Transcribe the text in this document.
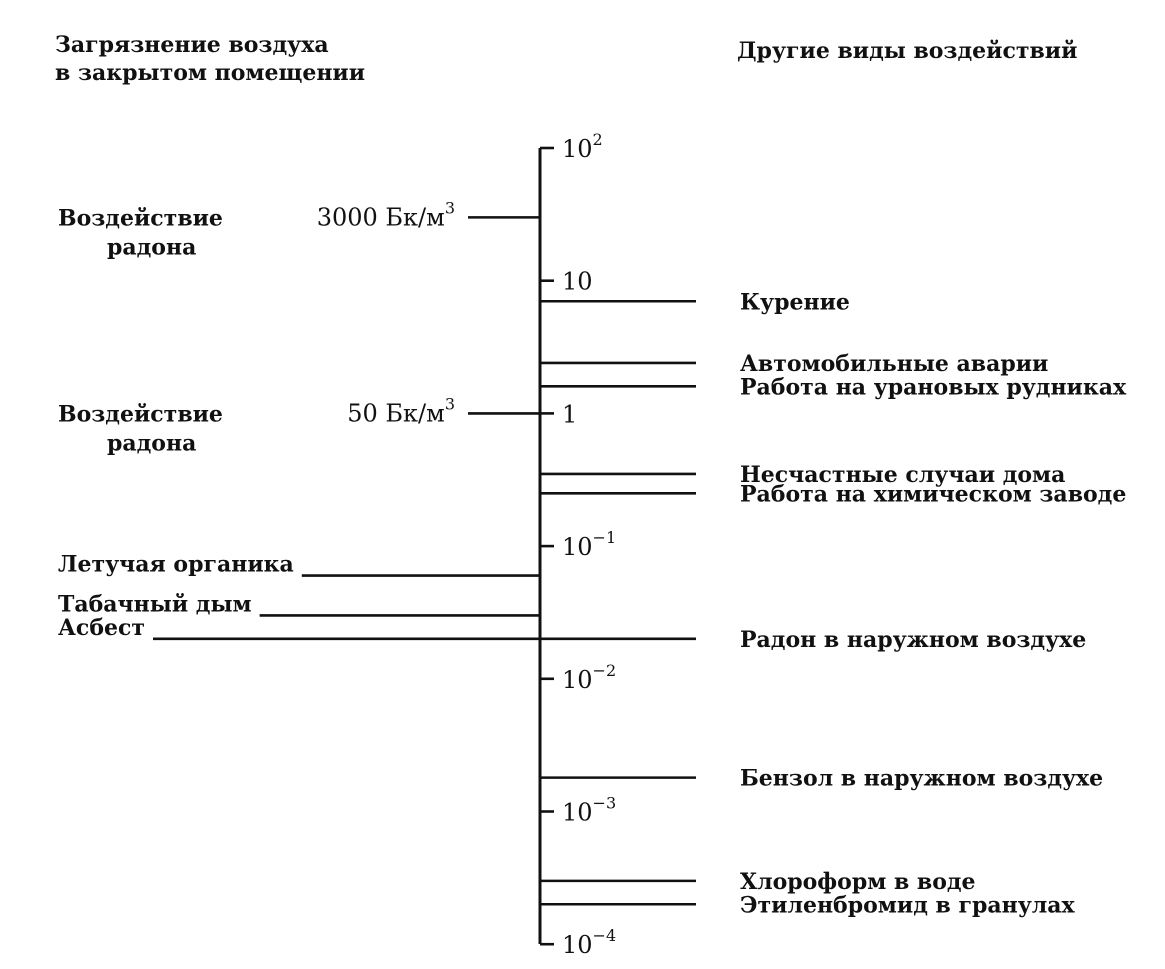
Загрязнение воздуха
в закрытом помещении
Другие виды воздействий
$10^2$
10
1
$10^{-1}$
$10^{-2}$
$10^{-3}$
$10^{-4}$
Воздействие
радона
3000 $Бк/м^3$
Воздействие
радона
50 $Бк/м^3$
Летучая органика
Табачный дым
Асбест
Курение
Автомобильные аварии
Работа на урановых рудниках
Несчастные случаи дома
Работа на химическом заводе
Радон в наружном воздухе
Бензол в наружном воздухе
Хлороформ в воде
Этиленбромид в гранулах
